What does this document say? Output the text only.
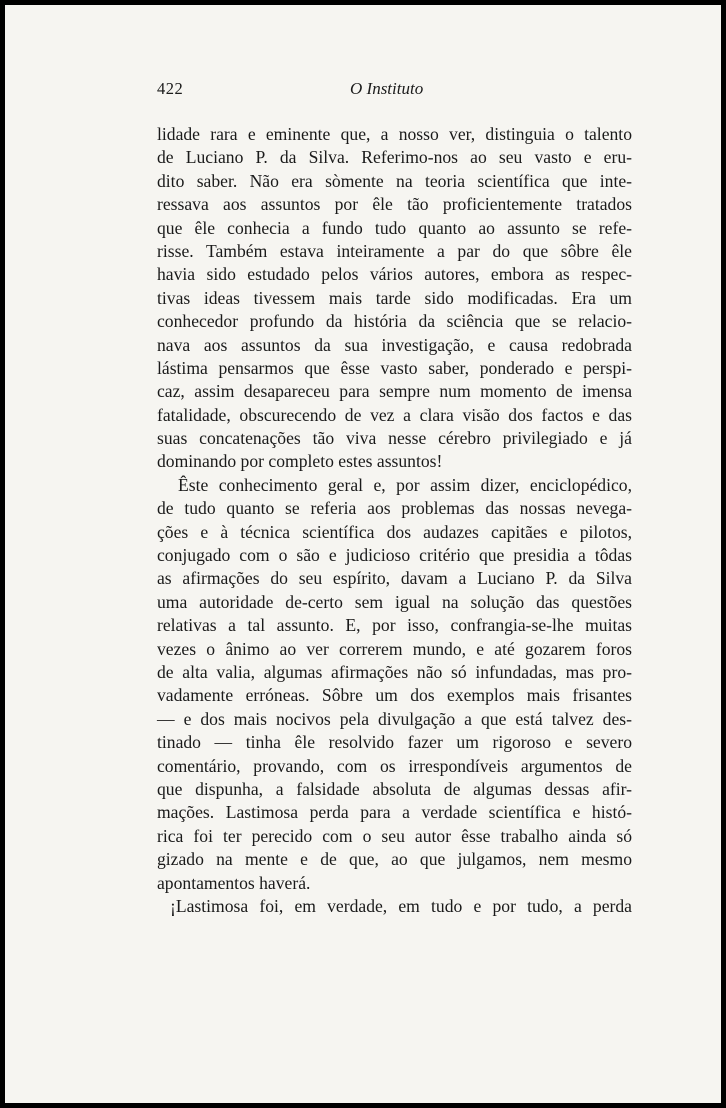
422	O Instituto

lidade rara e eminente que, a nosso ver, distinguia o talento
de Luciano P. da Silva. Referimo-nos ao seu vasto e eru-
dito saber. Não era sòmente na teoria scientífica que inte-
ressava aos assuntos por êle tão proficientemente tratados
que êle conhecia a fundo tudo quanto ao assunto se refe-
risse. Também estava inteiramente a par do que sôbre êle
havia sido estudado pelos vários autores, embora as respec-
tivas ideas tivessem mais tarde sido modificadas. Era um
conhecedor profundo da história da sciência que se relacio-
nava aos assuntos da sua investigação, e causa redobrada
lástima pensarmos que êsse vasto saber, ponderado e perspi-
caz, assim desapareceu para sempre num momento de imensa
fatalidade, obscurecendo de vez a clara visão dos factos e das
suas concatenações tão viva nesse cérebro privilegiado e já
dominando por completo estes assuntos!

Êste conhecimento geral e, por assim dizer, enciclopédico,
de tudo quanto se referia aos problemas das nossas nevega-
ções e à técnica scientífica dos audazes capitães e pilotos,
conjugado com o são e judicioso critério que presidia a tôdas
as afirmações do seu espírito, davam a Luciano P. da Silva
uma autoridade de-certo sem igual na solução das questões
relativas a tal assunto. E, por isso, confrangia-se-lhe muitas
vezes o ânimo ao ver correrem mundo, e até gozarem foros
de alta valia, algumas afirmações não só infundadas, mas pro-
vadamente erróneas. Sôbre um dos exemplos mais frisantes
— e dos mais nocivos pela divulgação a que está talvez des-
tinado — tinha êle resolvido fazer um rigoroso e severo
comentário, provando, com os irrespondíveis argumentos de
que dispunha, a falsidade absoluta de algumas dessas afir-
mações. Lastimosa perda para a verdade scientífica e histó-
rica foi ter perecido com o seu autor êsse trabalho ainda só
gizado na mente e de que, ao que julgamos, nem mesmo
apontamentos haverá.

¡Lastimosa foi, em verdade, em tudo e por tudo, a perda
